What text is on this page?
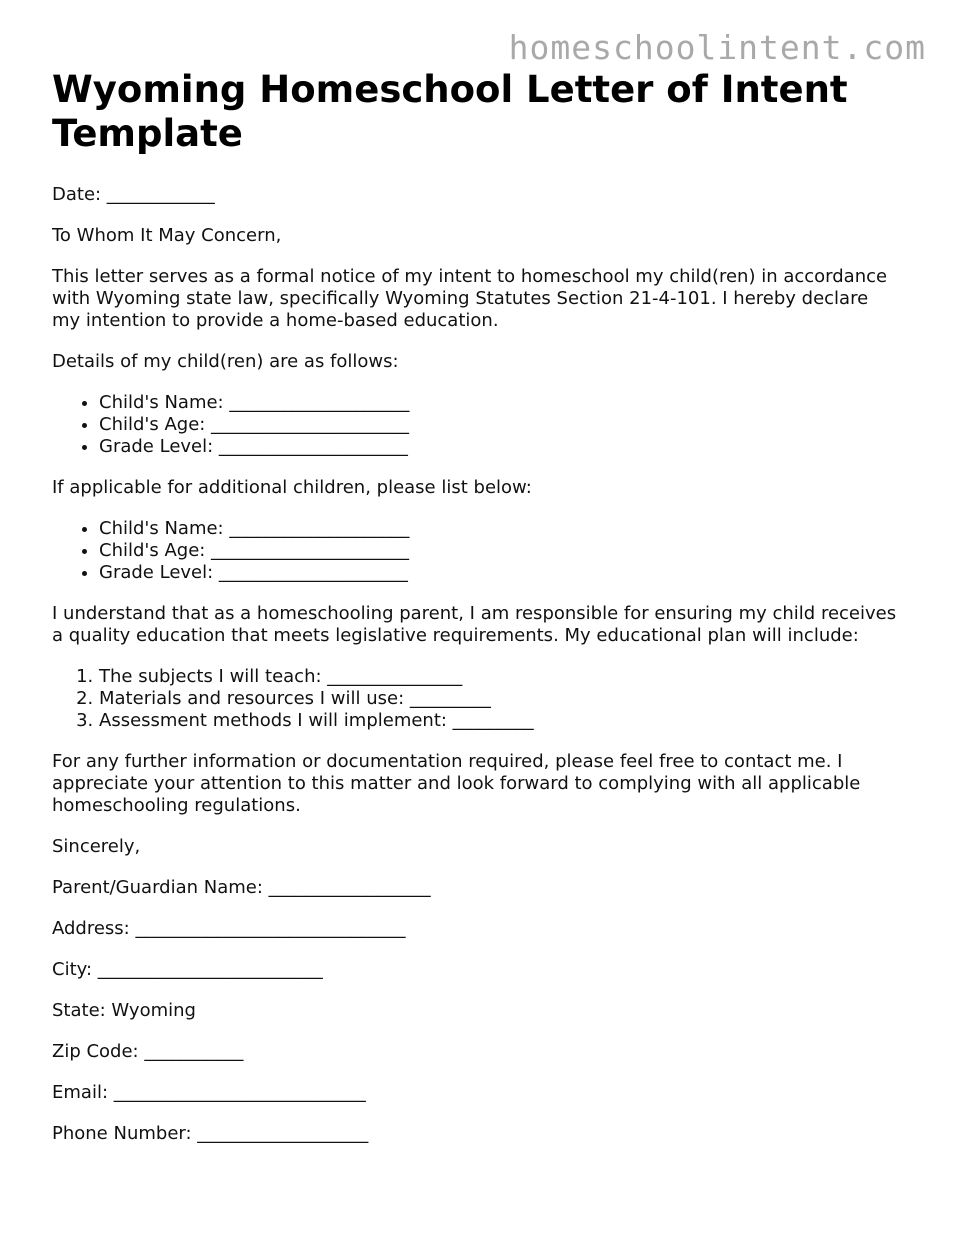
homeschoolintent.com
Wyoming Homeschool Letter of Intent Template

Date: ____________

To Whom It May Concern,

This letter serves as a formal notice of my intent to homeschool my child(ren) in accordance with Wyoming state law, specifically Wyoming Statutes Section 21-4-101. I hereby declare my intention to provide a home-based education.

Details of my child(ren) are as follows:

• Child's Name: ____________________
• Child's Age: ______________________
• Grade Level: _____________________

If applicable for additional children, please list below:

• Child's Name: ____________________
• Child's Age: ______________________
• Grade Level: _____________________

I understand that as a homeschooling parent, I am responsible for ensuring my child receives a quality education that meets legislative requirements. My educational plan will include:

1. The subjects I will teach: _______________
2. Materials and resources I will use: _________
3. Assessment methods I will implement: _________

For any further information or documentation required, please feel free to contact me. I appreciate your attention to this matter and look forward to complying with all applicable homeschooling regulations.

Sincerely,

Parent/Guardian Name: __________________

Address: ______________________________

City: _________________________

State: Wyoming

Zip Code: ___________

Email: ____________________________

Phone Number: ___________________
